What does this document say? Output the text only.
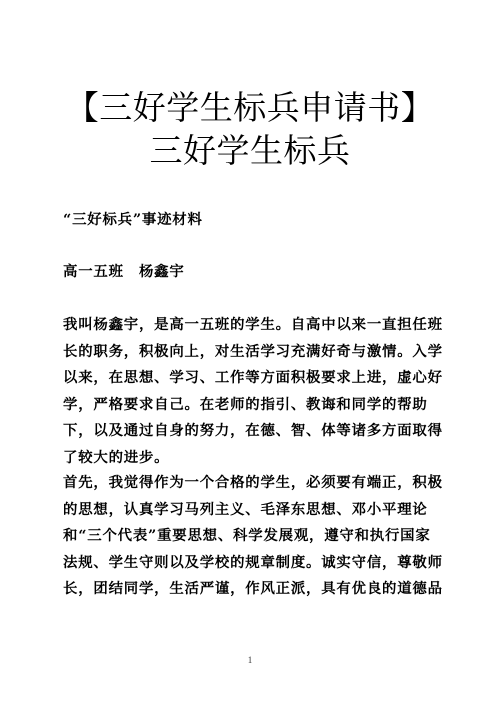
【三好学生标兵申请书】
三好学生标兵

“三好标兵”事迹材料

高一五班　杨鑫宇

我叫杨鑫宇，是高一五班的学生。自高中以来一直担任班长的职务，积极向上，对生活学习充满好奇与激情。入学以来，在思想、学习、工作等方面积极要求上进，虚心好学，严格要求自己。在老师的指引、教诲和同学的帮助下，以及通过自身的努力，在德、智、体等诸多方面取得了较大的进步。

首先，我觉得作为一个合格的学生，必须要有端正，积极的思想，认真学习马列主义、毛泽东思想、邓小平理论和“三个代表”重要思想、科学发展观，遵守和执行国家法规、学生守则以及学校的规章制度。诚实守信，尊敬师长，团结同学，生活严谨，作风正派，具有优良的道德品

1
